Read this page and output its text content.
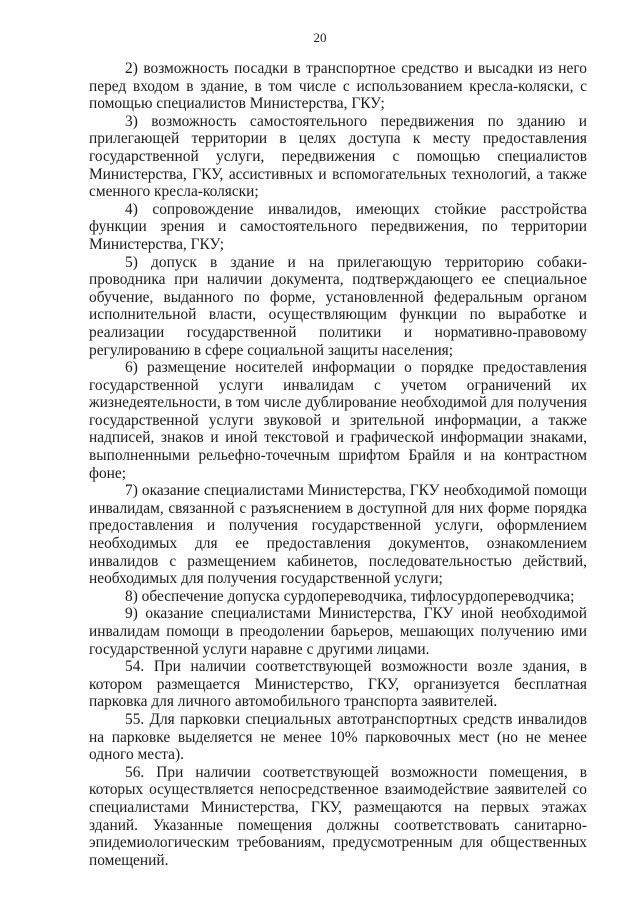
20

2) возможность посадки в транспортное средство и высадки из него перед входом в здание, в том числе с использованием кресла-коляски, с помощью специалистов Министерства, ГКУ;

3) возможность самостоятельного передвижения по зданию и прилегающей территории в целях доступа к месту предоставления государственной услуги, передвижения с помощью специалистов Министерства, ГКУ, ассистивных и вспомогательных технологий, а также сменного кресла-коляски;

4) сопровождение инвалидов, имеющих стойкие расстройства функции зрения и самостоятельного передвижения, по территории Министерства, ГКУ;

5) допуск в здание и на прилегающую территорию собаки-проводника при наличии документа, подтверждающего ее специальное обучение, выданного по форме, установленной федеральным органом исполнительной власти, осуществляющим функции по выработке и реализации государственной политики и нормативно-правовому регулированию в сфере социальной защиты населения;

6) размещение носителей информации о порядке предоставления государственной услуги инвалидам с учетом ограничений их жизнедеятельности, в том числе дублирование необходимой для получения государственной услуги звуковой и зрительной информации, а также надписей, знаков и иной текстовой и графической информации знаками, выполненными рельефно-точечным шрифтом Брайля и на контрастном фоне;

7) оказание специалистами Министерства, ГКУ необходимой помощи инвалидам, связанной с разъяснением в доступной для них форме порядка предоставления и получения государственной услуги, оформлением необходимых для ее предоставления документов, ознакомлением инвалидов с размещением кабинетов, последовательностью действий, необходимых для получения государственной услуги;

8) обеспечение допуска сурдопереводчика, тифлосурдопереводчика;

9) оказание специалистами Министерства, ГКУ иной необходимой инвалидам помощи в преодолении барьеров, мешающих получению ими государственной услуги наравне с другими лицами.

54. При наличии соответствующей возможности возле здания, в котором размещается Министерство, ГКУ, организуется бесплатная парковка для личного автомобильного транспорта заявителей.

55. Для парковки специальных автотранспортных средств инвалидов на парковке выделяется не менее 10% парковочных мест (но не менее одного места).

56. При наличии соответствующей возможности помещения, в которых осуществляется непосредственное взаимодействие заявителей со специалистами Министерства, ГКУ, размещаются на первых этажах зданий. Указанные помещения должны соответствовать санитарно-эпидемиологическим требованиям, предусмотренным для общественных помещений.
